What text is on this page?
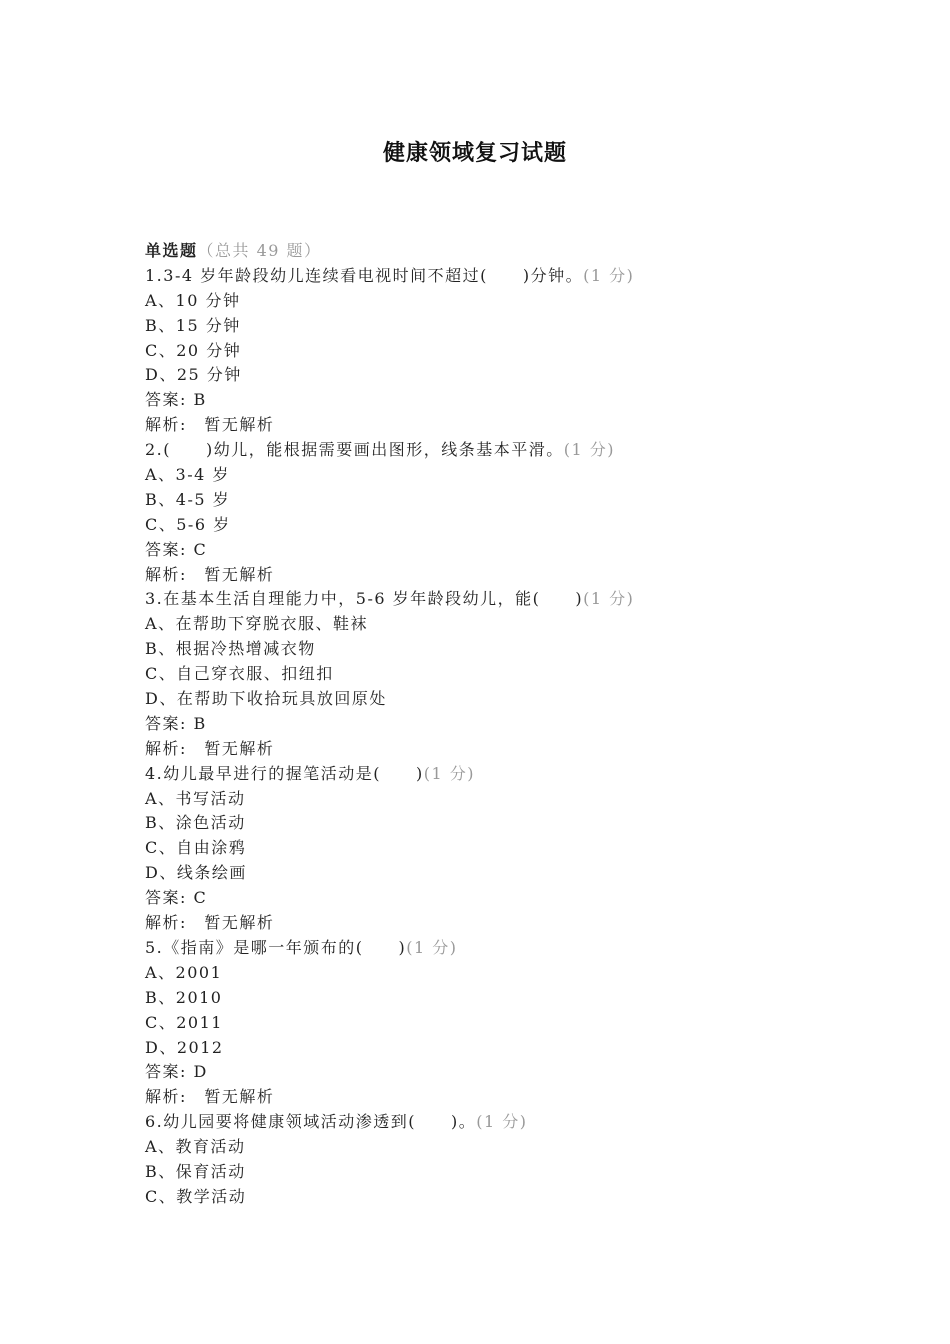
健康领域复习试题
单选题（总共 49 题）
1.3-4 岁年龄段幼儿连续看电视时间不超过(　　)分钟。(1 分)
A、10 分钟
B、15 分钟
C、20 分钟
D、25 分钟
答案: B
解析:　暂无解析
2.(　　)幼儿，能根据需要画出图形，线条基本平滑。(1 分)
A、3-4 岁
B、4-5 岁
C、5-6 岁
答案: C
解析:　暂无解析
3.在基本生活自理能力中，5-6 岁年龄段幼儿，能(　　)(1 分)
A、在帮助下穿脱衣服、鞋袜
B、根据冷热增减衣物
C、自己穿衣服、扣纽扣
D、在帮助下收拾玩具放回原处
答案: B
解析:　暂无解析
4.幼儿最早进行的握笔活动是(　　)(1 分)
A、书写活动
B、涂色活动
C、自由涂鸦
D、线条绘画
答案: C
解析:　暂无解析
5.《指南》是哪一年颁布的(　　)(1 分)
A、2001
B、2010
C、2011
D、2012
答案: D
解析:　暂无解析
6.幼儿园要将健康领域活动渗透到(　　)。(1 分)
A、教育活动
B、保育活动
C、教学活动
